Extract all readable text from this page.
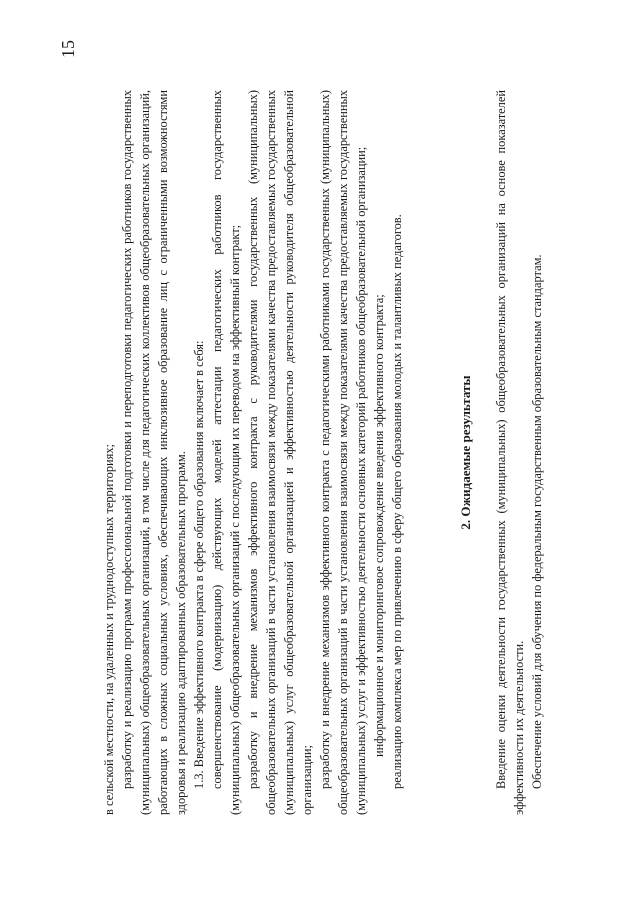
15

в сельской местности, на удаленных и труднодоступных территориях; разработку и реализацию программ профессиональной подготовки и переподготовки педагогических работников государственных (муниципальных) общеобразовательных организаций, в том числе для педагогических коллективов общеобразовательных организаций, работающих в сложных социальных условиях, обеспечивающих инклюзивное образование лиц с ограниченными возможностями здоровья и реализацию адаптированных образовательных программ. 1.3. Введение эффективного контракта в сфере общего образования включает в себя: совершенствование (модернизацию) действующих моделей аттестации педагогических работников государственных (муниципальных) общеобразовательных организаций с последующим их переводом на эффективный контракт; разработку и внедрение механизмов эффективного контракта с руководителями государственных (муниципальных) общеобразовательных организаций в части установления взаимосвязи между показателями качества предоставляемых государственных (муниципальных) услуг общеобразовательной организацией и эффективностью деятельности руководителя общеобразовательной организации; разработку и внедрение механизмов эффективного контракта с педагогическими работниками государственных (муниципальных) общеобразовательных организаций в части установления взаимосвязи между показателями качества предоставляемых государственных (муниципальных) услуг и эффективностью деятельности основных категорий работников общеобразовательной организации; информационное и мониторинговое сопровождение введения эффективного контракта; реализацию комплекса мер по привлечению в сферу общего образования молодых и талантливых педагогов.	2. Ожидаемые результаты Введение оценки деятельности государственных (муниципальных) общеобразовательных организаций на основе показателей эффективности их деятельности. Обеспечение условий для обучения по федеральным государственным образовательным стандартам.
